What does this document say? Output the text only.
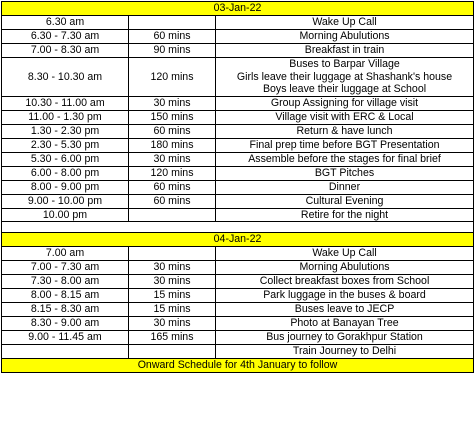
03-Jan-22		
6.30 am		Wake Up Call
6.30 - 7.30 am	60 mins	Morning Abulutions
7.00 - 8.30 am	90 mins	Breakfast in train
8.30 - 10.30 am	120 mins	Buses to Barpar Village
Girls leave their luggage at Shashank's house
Boys leave their luggage at School

10.30 - 11.00 am	30 mins	Group Assigning for village visit
11.00 - 1.30 pm	150 mins	Village visit with ERC & Local
1.30 - 2.30 pm	60 mins	Return & have lunch
2.30 - 5.30 pm	180 mins	Final prep time before BGT Presentation
5.30 - 6.00 pm	30 mins	Assemble before the stages for final brief
6.00 - 8.00 pm	120 mins	BGT Pitches
8.00 - 9.00 pm	60 mins	Dinner
9.00 - 10.00 pm	60 mins	Cultural Evening
10.00 pm		Retire for the night

04-Jan-22		
7.00 am		Wake Up Call
7.00 - 7.30 am	30 mins	Morning Abulutions
7.30 - 8.00 am	30 mins	Collect breakfast boxes from School
8.00 - 8.15 am	15 mins	Park luggage in the buses & board
8.15 - 8.30 am	15 mins	Buses leave to JECP
8.30 - 9.00 am	30 mins	Photo at Banayan Tree
9.00 - 11.45 am	165 mins	Bus journey to Gorakhpur Station
		Train Journey to Delhi
Onward Schedule for 4th January to follow		
